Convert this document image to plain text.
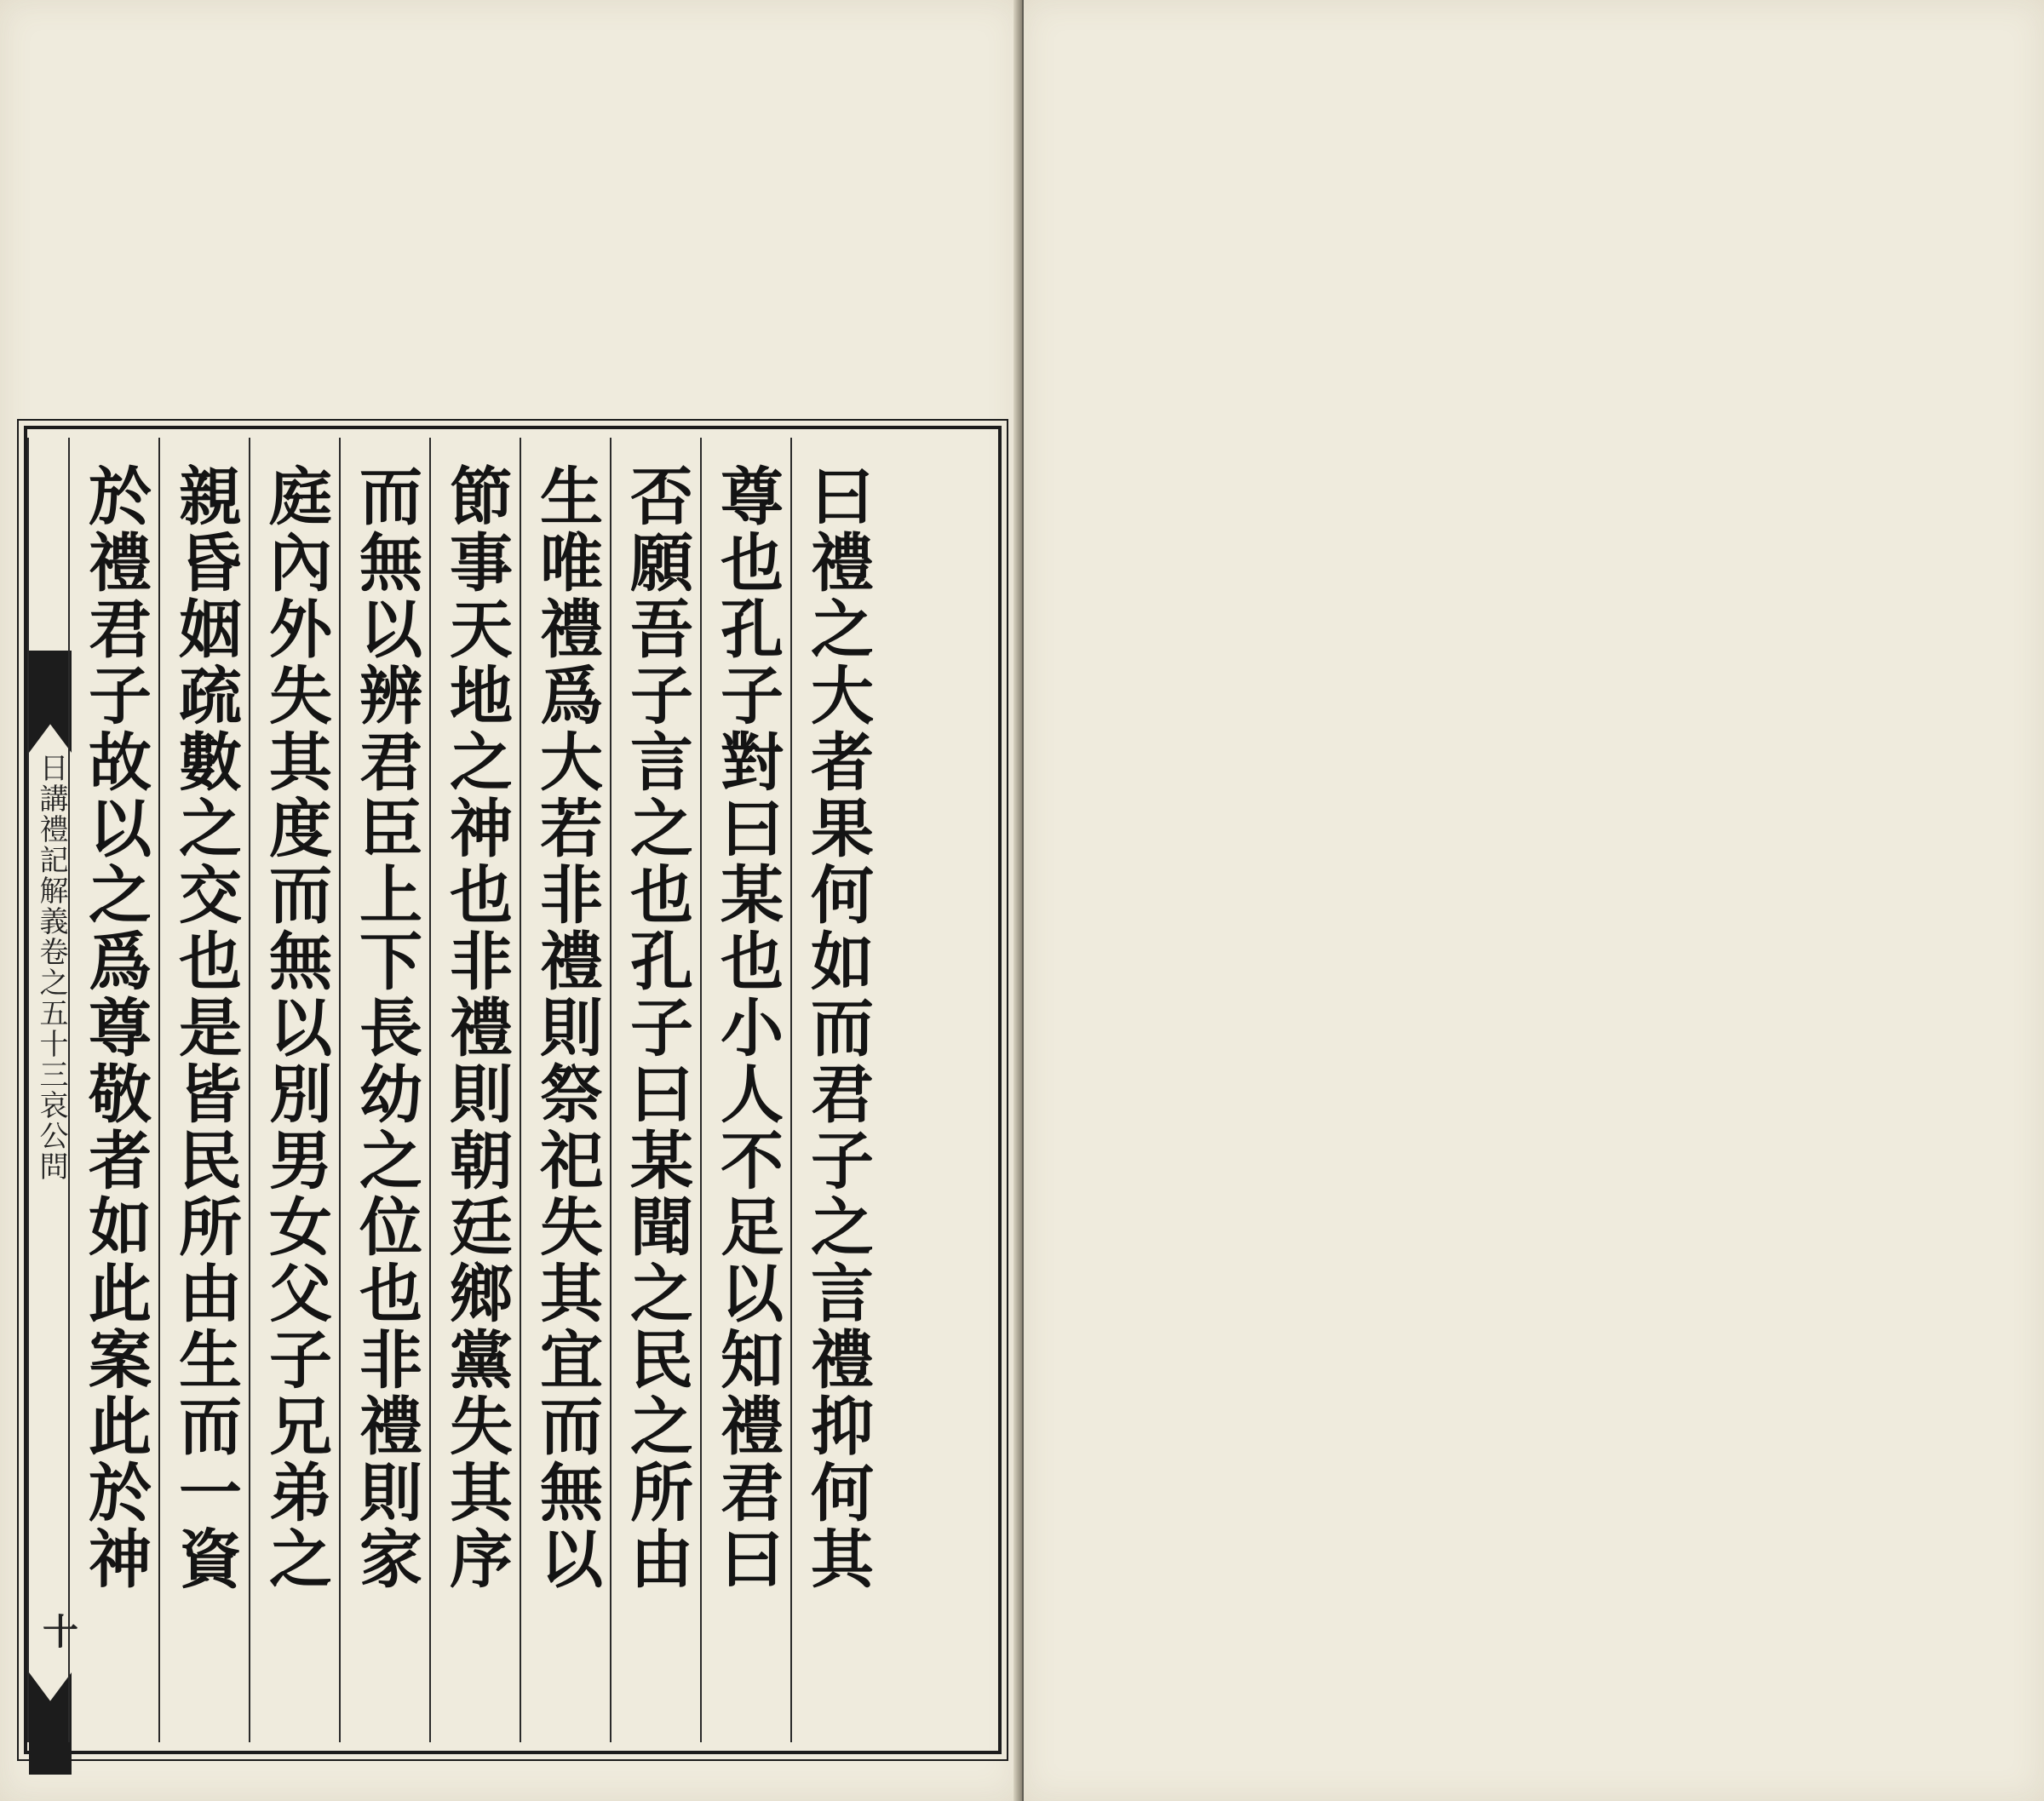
日講禮記解義卷之五十三哀公問
十
曰禮之大者果何如而君子之言禮抑何其
尊也孔子對曰某也小人不足以知禮君曰
否願吾子言之也孔子曰某聞之民之所由
生唯禮爲大若非禮則祭祀失其宜而無以
節事天地之神也非禮則朝廷鄉黨失其序
而無以辨君臣上下長幼之位也非禮則家
庭內外失其度而無以別男女父子兄弟之
親昏姻疏數之交也是皆民所由生而一資
於禮君子故以之爲尊敬者如此案此於神
